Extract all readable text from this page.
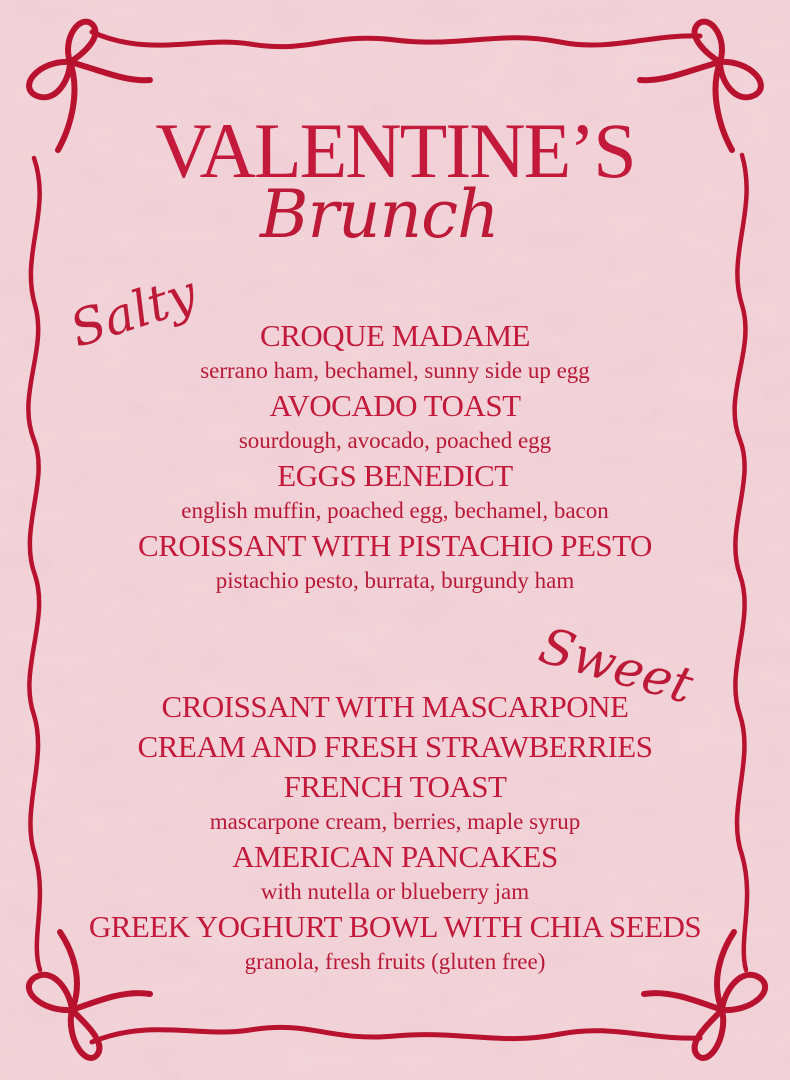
VALENTINE’S
Brunch
Salty	CROQUE MADAME
serrano ham, bechamel, sunny side up egg
AVOCADO TOAST
sourdough, avocado, poached egg
EGGS BENEDICT
english muffin, poached egg, bechamel, bacon
CROISSANT WITH PISTACHIO PESTO
pistachio pesto, burrata, burgundy ham
Sweet
CROISSANT WITH MASCARPONE
CREAM AND FRESH STRAWBERRIES
FRENCH TOAST
mascarpone cream, berries, maple syrup
AMERICAN PANCAKES
with nutella or blueberry jam
GREEK YOGHURT BOWL WITH CHIA SEEDS
granola, fresh fruits (gluten free)
